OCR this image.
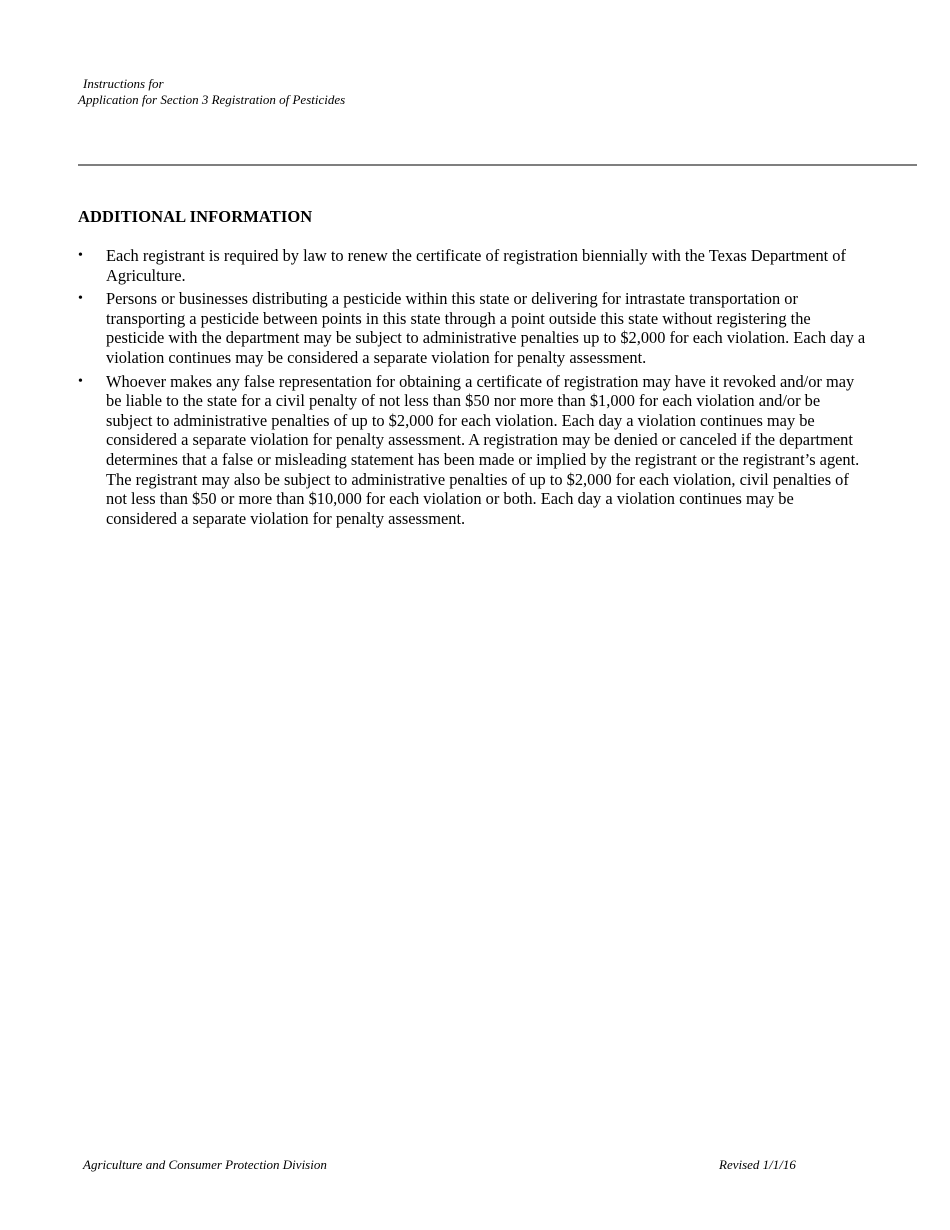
Instructions for
Application for Section 3 Registration of Pesticides
ADDITIONAL INFORMATION
•	Each registrant is required by law to renew the certificate of registration biennially with the Texas Department of Agriculture.
•	Persons or businesses distributing a pesticide within this state or delivering for intrastate transportation or transporting a pesticide between points in this state through a point outside this state without registering the pesticide with the department may be subject to administrative penalties up to $2,000 for each violation. Each day a violation continues may be considered a separate violation for penalty assessment.
•	Whoever makes any false representation for obtaining a certificate of registration may have it revoked and/or may be liable to the state for a civil penalty of not less than $50 nor more than $1,000 for each violation and/or be subject to administrative penalties of up to $2,000 for each violation. Each day a violation continues may be considered a separate violation for penalty assessment. A registration may be denied or canceled if the department determines that a false or misleading statement has been made or implied by the registrant or the registrant’s agent. The registrant may also be subject to administrative penalties of up to $2,000 for each violation, civil penalties of not less than $50 or more than $10,000 for each violation or both. Each day a violation continues may be considered a separate violation for penalty assessment.
Agriculture and Consumer Protection Division	Revised 1/1/16
